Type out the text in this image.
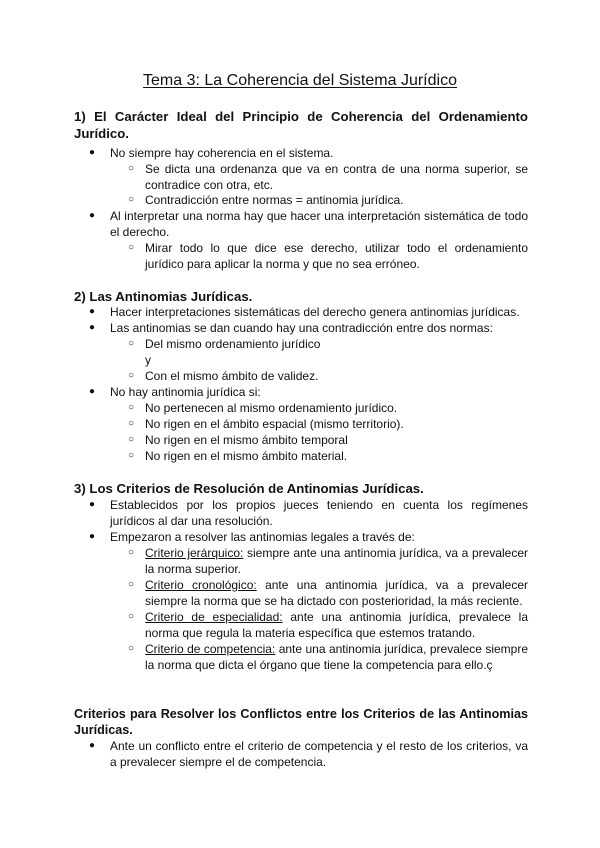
Tema 3: La Coherencia del Sistema Jurídico
1) El Carácter Ideal del Principio de Coherencia del Ordenamiento Jurídico.
● No siempre hay coherencia en el sistema.
○ Se dicta una ordenanza que va en contra de una norma superior, se contradice con otra, etc.
○ Contradicción entre normas = antinomia jurídica.
● Al interpretar una norma hay que hacer una interpretación sistemática de todo el derecho.
○ Mirar todo lo que dice ese derecho, utilizar todo el ordenamiento jurídico para aplicar la norma y que no sea erróneo.
2) Las Antinomias Jurídicas.
● Hacer interpretaciones sistemáticas del derecho genera antinomias jurídicas.
● Las antinomias se dan cuando hay una contradicción entre dos normas:
○ Del mismo ordenamiento jurídico
y
○ Con el mismo ámbito de validez.
● No hay antinomia jurídica si:
○ No pertenecen al mismo ordenamiento jurídico.
○ No rigen en el ámbito espacial (mismo territorio).
○ No rigen en el mismo ámbito temporal
○ No rigen en el mismo ámbito material.
3) Los Criterios de Resolución de Antinomias Jurídicas.
● Establecidos por los propios jueces teniendo en cuenta los regímenes jurídicos al dar una resolución.
● Empezaron a resolver las antinomias legales a través de:
○ Criterio jerárquico: siempre ante una antinomia jurídica, va a prevalecer la norma superior.
○ Criterio cronológico: ante una antinomia jurídica, va a prevalecer siempre la norma que se ha dictado con posterioridad, la más reciente.
○ Criterio de especialidad: ante una antinomia jurídica, prevalece la norma que regula la materia específica que estemos tratando.
○ Criterio de competencia: ante una antinomia jurídica, prevalece siempre la norma que dicta el órgano que tiene la competencia para ello.ç
Criterios para Resolver los Conflictos entre los Criterios de las Antinomias Jurídicas.
● Ante un conflicto entre el criterio de competencia y el resto de los criterios, va a prevalecer siempre el de competencia.
